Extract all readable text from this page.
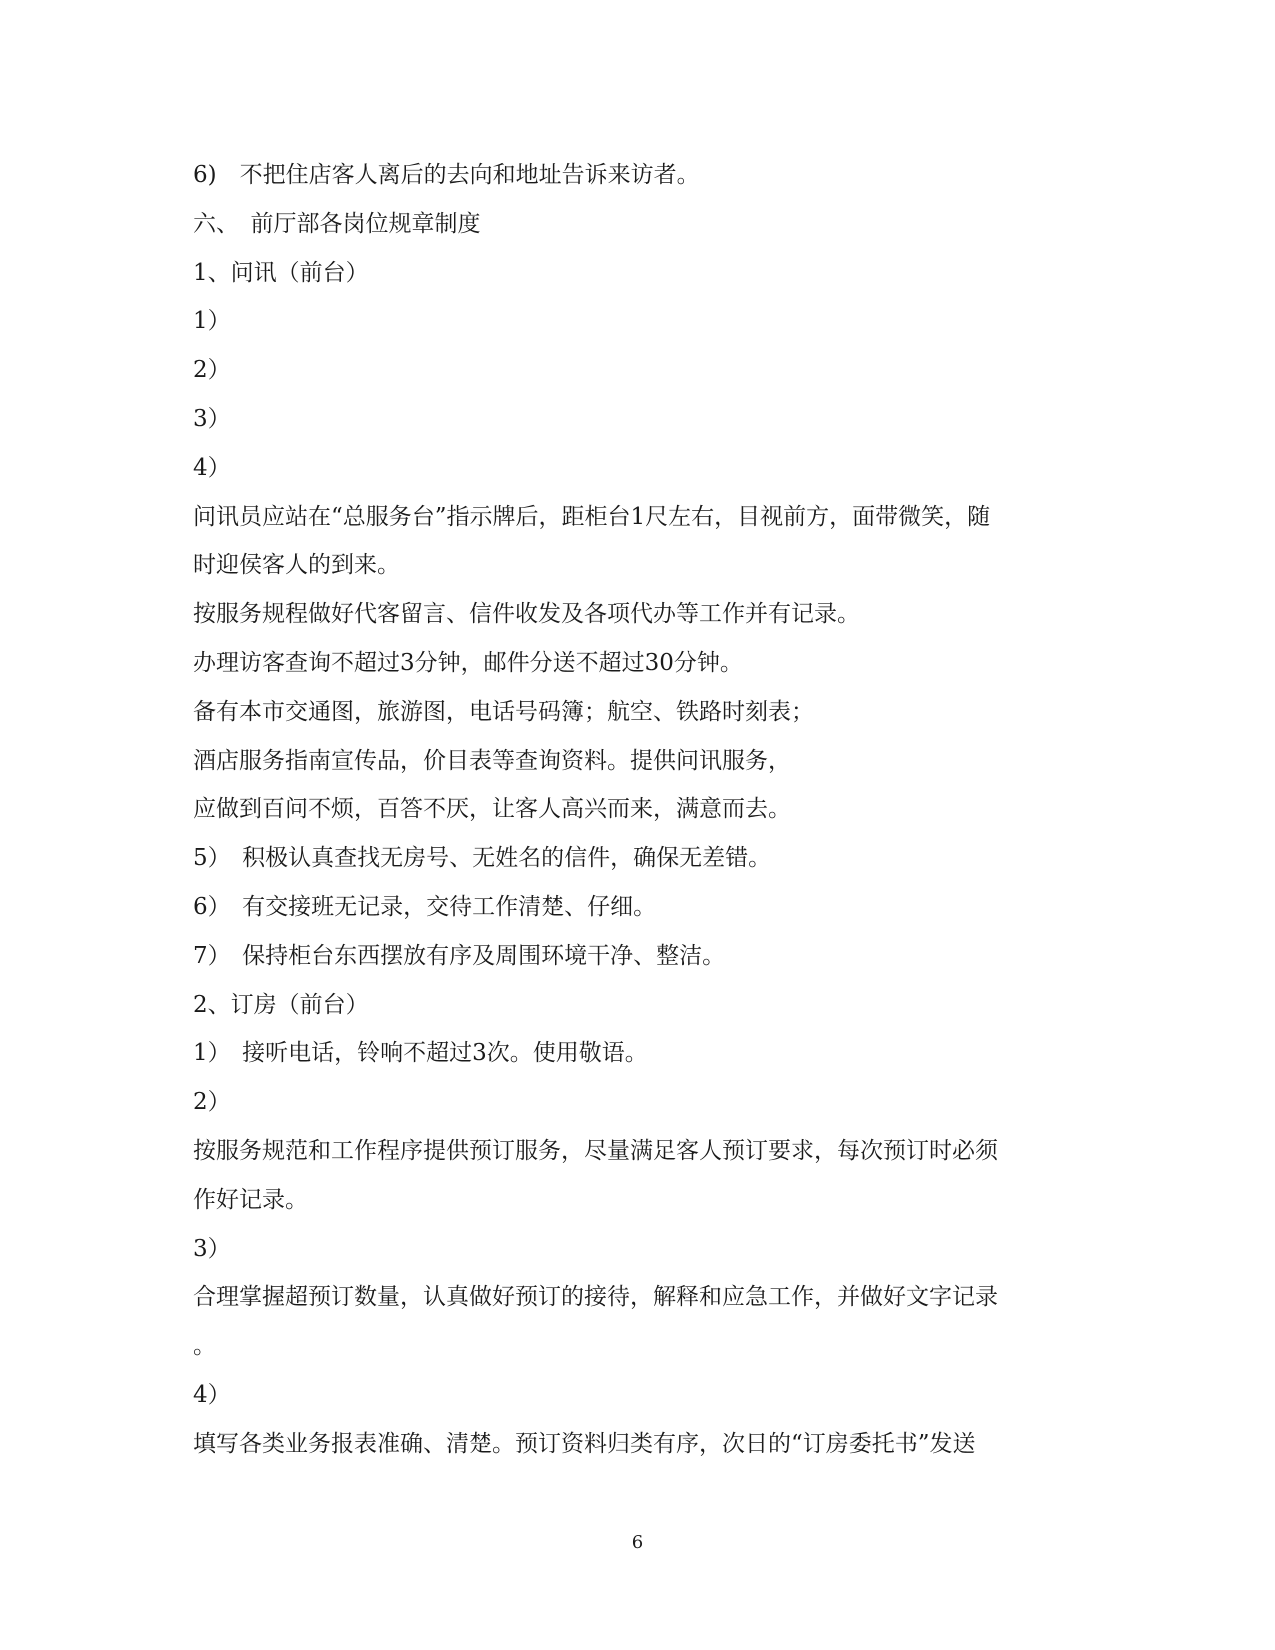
6)　不把住店客人离后的去向和地址告诉来访者。
六、　前厅部各岗位规章制度
1、问讯（前台）
1）
2）
3）
4）
问讯员应站在“总服务台”指示牌后，距柜台1尺左右，目视前方，面带微笑，随
时迎侯客人的到来。
按服务规程做好代客留言、信件收发及各项代办等工作并有记录。
办理访客查询不超过3分钟，邮件分送不超过30分钟。
备有本市交通图，旅游图，电话号码簿；航空、铁路时刻表；
酒店服务指南宣传品，价目表等查询资料。提供问讯服务，
应做到百问不烦，百答不厌，让客人高兴而来，满意而去。
5）　积极认真查找无房号、无姓名的信件，确保无差错。
6）　有交接班无记录，交待工作清楚、仔细。
7）　保持柜台东西摆放有序及周围环境干净、整洁。
2、订房（前台）
1）　接听电话，铃响不超过3次。使用敬语。
2）
按服务规范和工作程序提供预订服务，尽量满足客人预订要求，每次预订时必须
作好记录。
3）
合理掌握超预订数量，认真做好预订的接待，解释和应急工作，并做好文字记录
。
4）
填写各类业务报表准确、清楚。预订资料归类有序，次日的“订房委托书”发送
6
